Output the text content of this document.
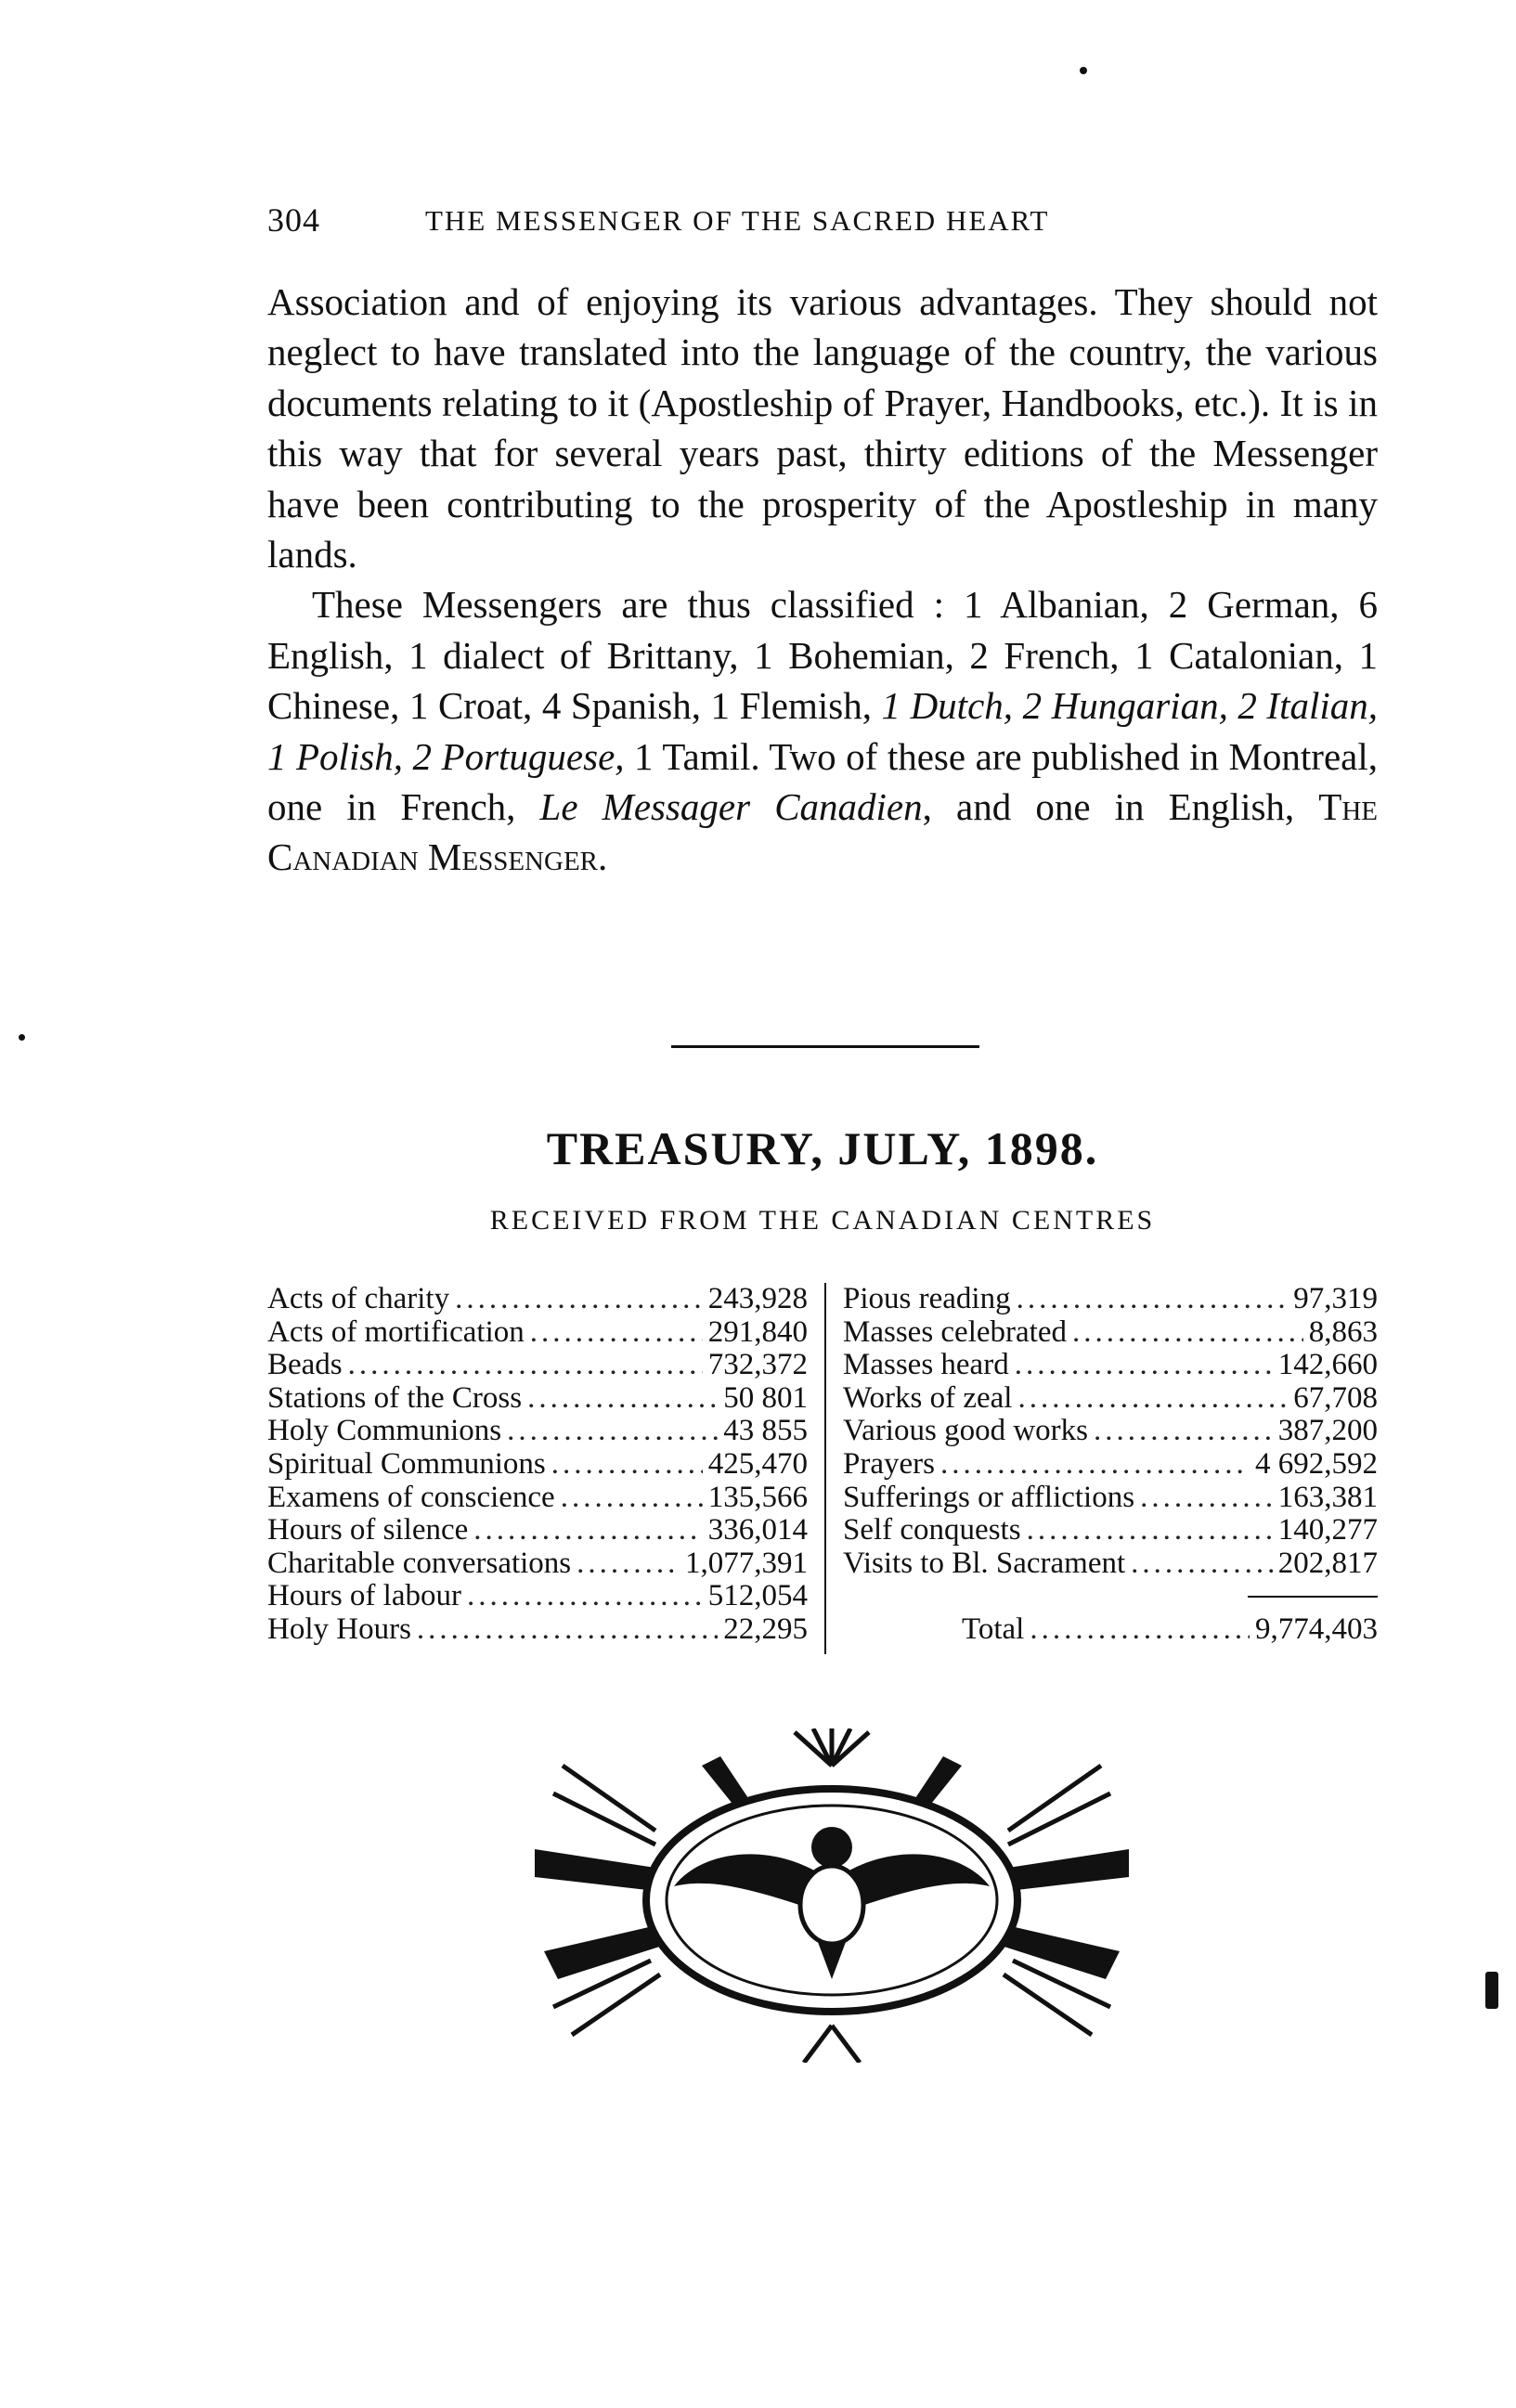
304	THE MESSENGER OF THE SACRED HEART

Association and of enjoying its various advantages. They should not neglect to have translated into the language of the country, the various documents relating to it (Apostleship of Prayer, Handbooks, etc.). It is in this way that for several years past, thirty editions of the Messenger have been contributing to the prosperity of the Apostleship in many lands.

These Messengers are thus classified : 1 Albanian, 2 German, 6 English, 1 dialect of Brittany, 1 Bohemian, 2 French, 1 Catalonian, 1 Chinese, 1 Croat, 4 Spanish, 1 Flemish, 1 Dutch, 2 Hungarian, 2 Italian, 1 Polish, 2 Portuguese, 1 Tamil. Two of these are published in Montreal, one in French, Le Messager Canadien, and one in English, The Canadian Messenger.

TREASURY, JULY, 1898.
RECEIVED FROM THE CANADIAN CENTRES
Acts of charity .....	243,928
Acts of mortification .....	291,840
Beads .....	732,372
Stations of the Cross .....	50 801
Holy Communions .....	43 855
Spiritual Communions .....	425,470
Examens of conscience .....	135,566
Hours of silence .....	336,014
Charitable conversations .....	1,077,391
Hours of labour .....	512,054
Holy Hours .....	22,295
Pious reading .....	97,319
Masses celebrated .....	8,863
Masses heard .....	142,660
Works of zeal .....	67,708
Various good works .....	387,200
Prayers .....	4 692,592
Sufferings or afflictions .....	163,381
Self conquests .....	140,277
Visits to Bl. Sacrament .....	202,817
Total .....	9,774,403
